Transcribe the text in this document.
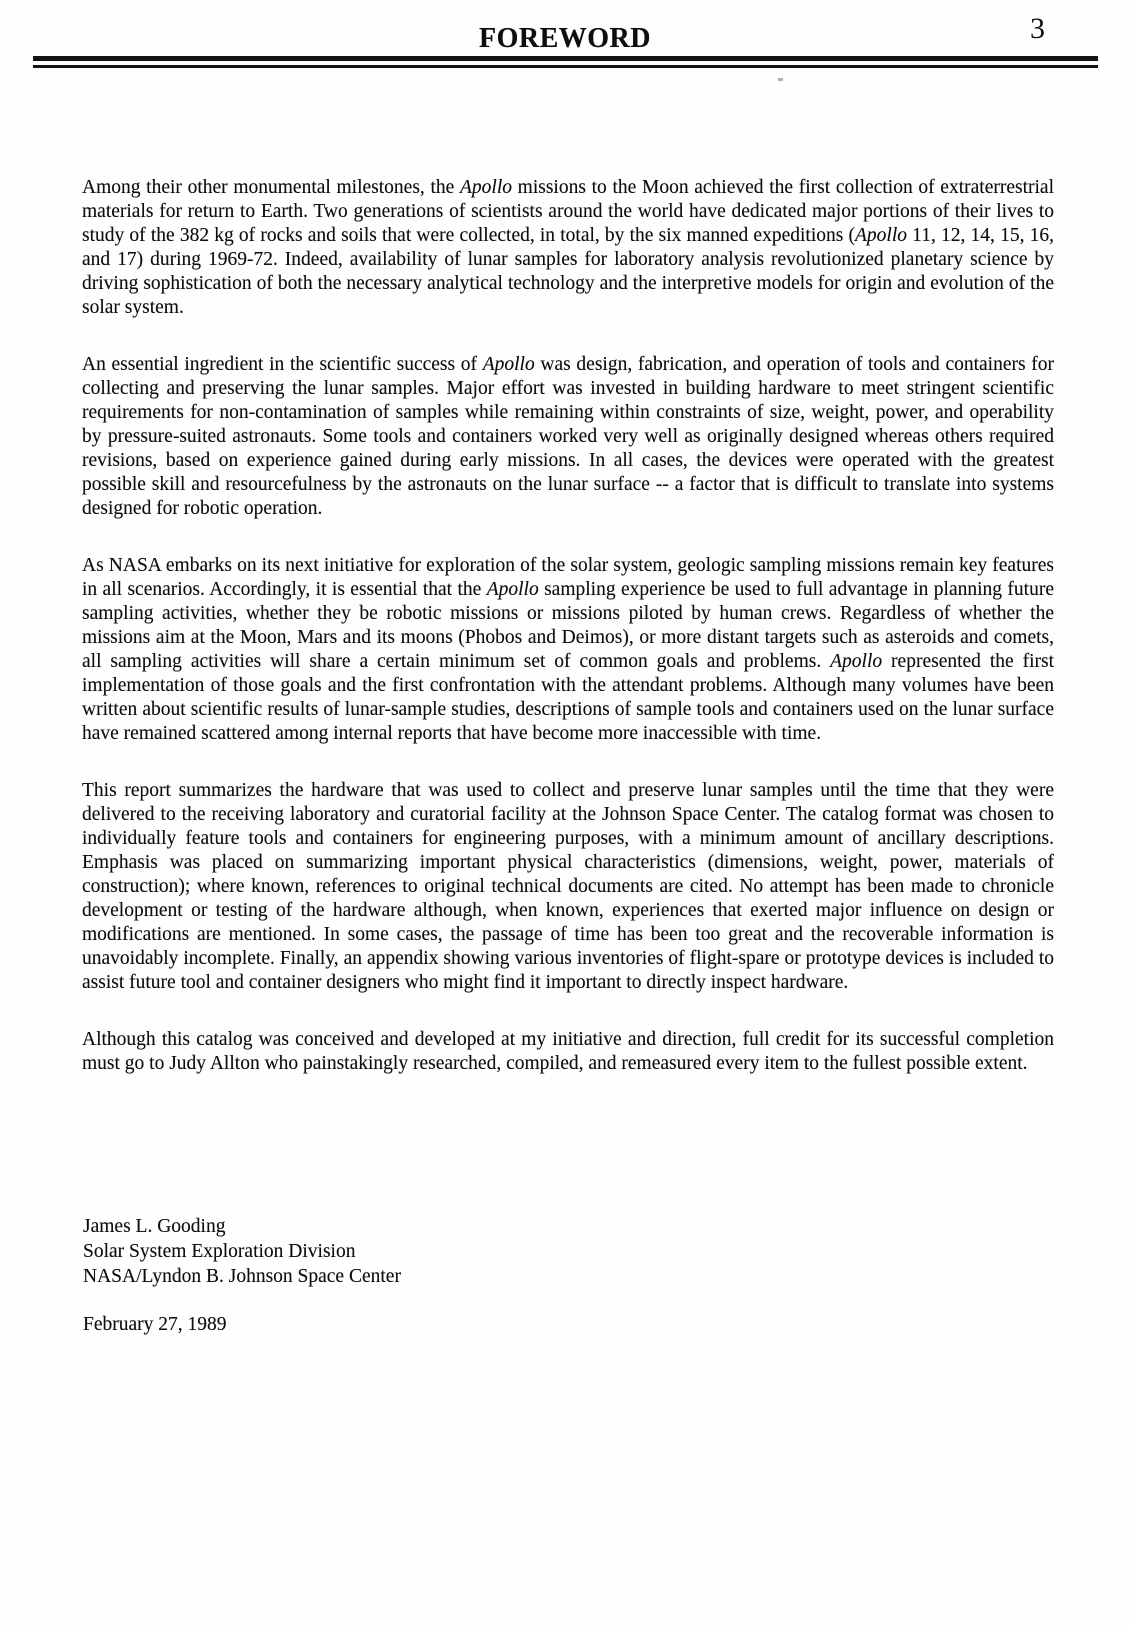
3
FOREWORD

Among their other monumental milestones, the Apollo missions to the Moon achieved the first collection of extraterrestrial materials for return to Earth. Two generations of scientists around the world have dedicated major portions of their lives to study of the 382 kg of rocks and soils that were collected, in total, by the six manned expeditions (Apollo 11, 12, 14, 15, 16, and 17) during 1969-72. Indeed, availability of lunar samples for laboratory analysis revolutionized planetary science by driving sophistication of both the necessary analytical technology and the interpretive models for origin and evolution of the solar system.

An essential ingredient in the scientific success of Apollo was design, fabrication, and operation of tools and containers for collecting and preserving the lunar samples. Major effort was invested in building hardware to meet stringent scientific requirements for non-contamination of samples while remaining within constraints of size, weight, power, and operability by pressure-suited astronauts. Some tools and containers worked very well as originally designed whereas others required revisions, based on experience gained during early missions. In all cases, the devices were operated with the greatest possible skill and resourcefulness by the astronauts on the lunar surface -- a factor that is difficult to translate into systems designed for robotic operation.

As NASA embarks on its next initiative for exploration of the solar system, geologic sampling missions remain key features in all scenarios. Accordingly, it is essential that the Apollo sampling experience be used to full advantage in planning future sampling activities, whether they be robotic missions or missions piloted by human crews. Regardless of whether the missions aim at the Moon, Mars and its moons (Phobos and Deimos), or more distant targets such as asteroids and comets, all sampling activities will share a certain minimum set of common goals and problems. Apollo represented the first implementation of those goals and the first confrontation with the attendant problems. Although many volumes have been written about scientific results of lunar-sample studies, descriptions of sample tools and containers used on the lunar surface have remained scattered among internal reports that have become more inaccessible with time.

This report summarizes the hardware that was used to collect and preserve lunar samples until the time that they were delivered to the receiving laboratory and curatorial facility at the Johnson Space Center. The catalog format was chosen to individually feature tools and containers for engineering purposes, with a minimum amount of ancillary descriptions. Emphasis was placed on summarizing important physical characteristics (dimensions, weight, power, materials of construction); where known, references to original technical documents are cited. No attempt has been made to chronicle development or testing of the hardware although, when known, experiences that exerted major influence on design or modifications are mentioned. In some cases, the passage of time has been too great and the recoverable information is unavoidably incomplete. Finally, an appendix showing various inventories of flight-spare or prototype devices is included to assist future tool and container designers who might find it important to directly inspect hardware.

Although this catalog was conceived and developed at my initiative and direction, full credit for its successful completion must go to Judy Allton who painstakingly researched, compiled, and remeasured every item to the fullest possible extent.

James L. Gooding
Solar System Exploration Division
NASA/Lyndon B. Johnson Space Center
February 27, 1989
